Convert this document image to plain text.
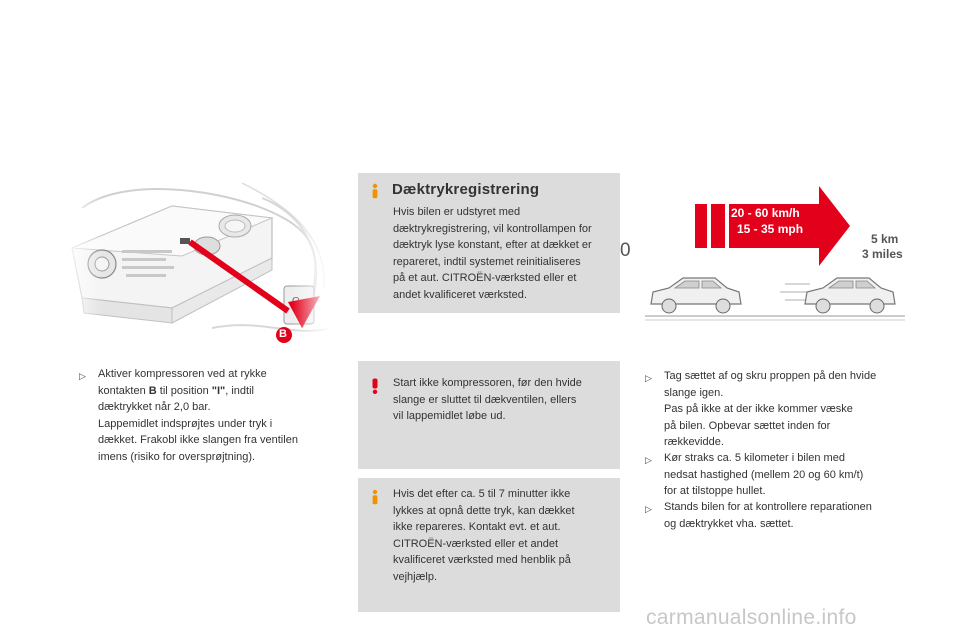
B
▷ Aktiver kompressoren ved at rykke
kontakten B til position "I", indtil
dæktrykket når 2,0 bar.
Lappemidlet indsprøjtes under tryk i
dækket. Frakobl ikke slangen fra ventilen
imens (risiko for oversprøjtning).
Dæktrykregistrering
Hvis bilen er udstyret med
dæktrykregistrering, vil kontrollampen for
dæktryk lyse konstant, efter at dækket er
repareret, indtil systemet reinitialiseres
på et aut. CITROËN-værksted eller et
andet kvalificeret værksted.
Start ikke kompressoren, før den hvide
slange er sluttet til dækventilen, ellers
vil lappemidlet løbe ud.
Hvis det efter ca. 5 til 7 minutter ikke
lykkes at opnå dette tryk, kan dækket
ikke repareres. Kontakt evt. et aut.
CITROËN-værksted eller et andet
kvalificeret værksted med henblik på
vejhjælp.
0
20 - 60 km/h
15 - 35 mph
5 km
3 miles
▷ Tag sættet af og skru proppen på den hvide
slange igen.
Pas på ikke at der ikke kommer væske
på bilen. Opbevar sættet inden for
rækkevidde.
▷ Kør straks ca. 5 kilometer i bilen med
nedsat hastighed (mellem 20 og 60 km/t)
for at tilstoppe hullet.
▷ Stands bilen for at kontrollere reparationen
og dæktrykket vha. sættet.
carmanualsonline.info
